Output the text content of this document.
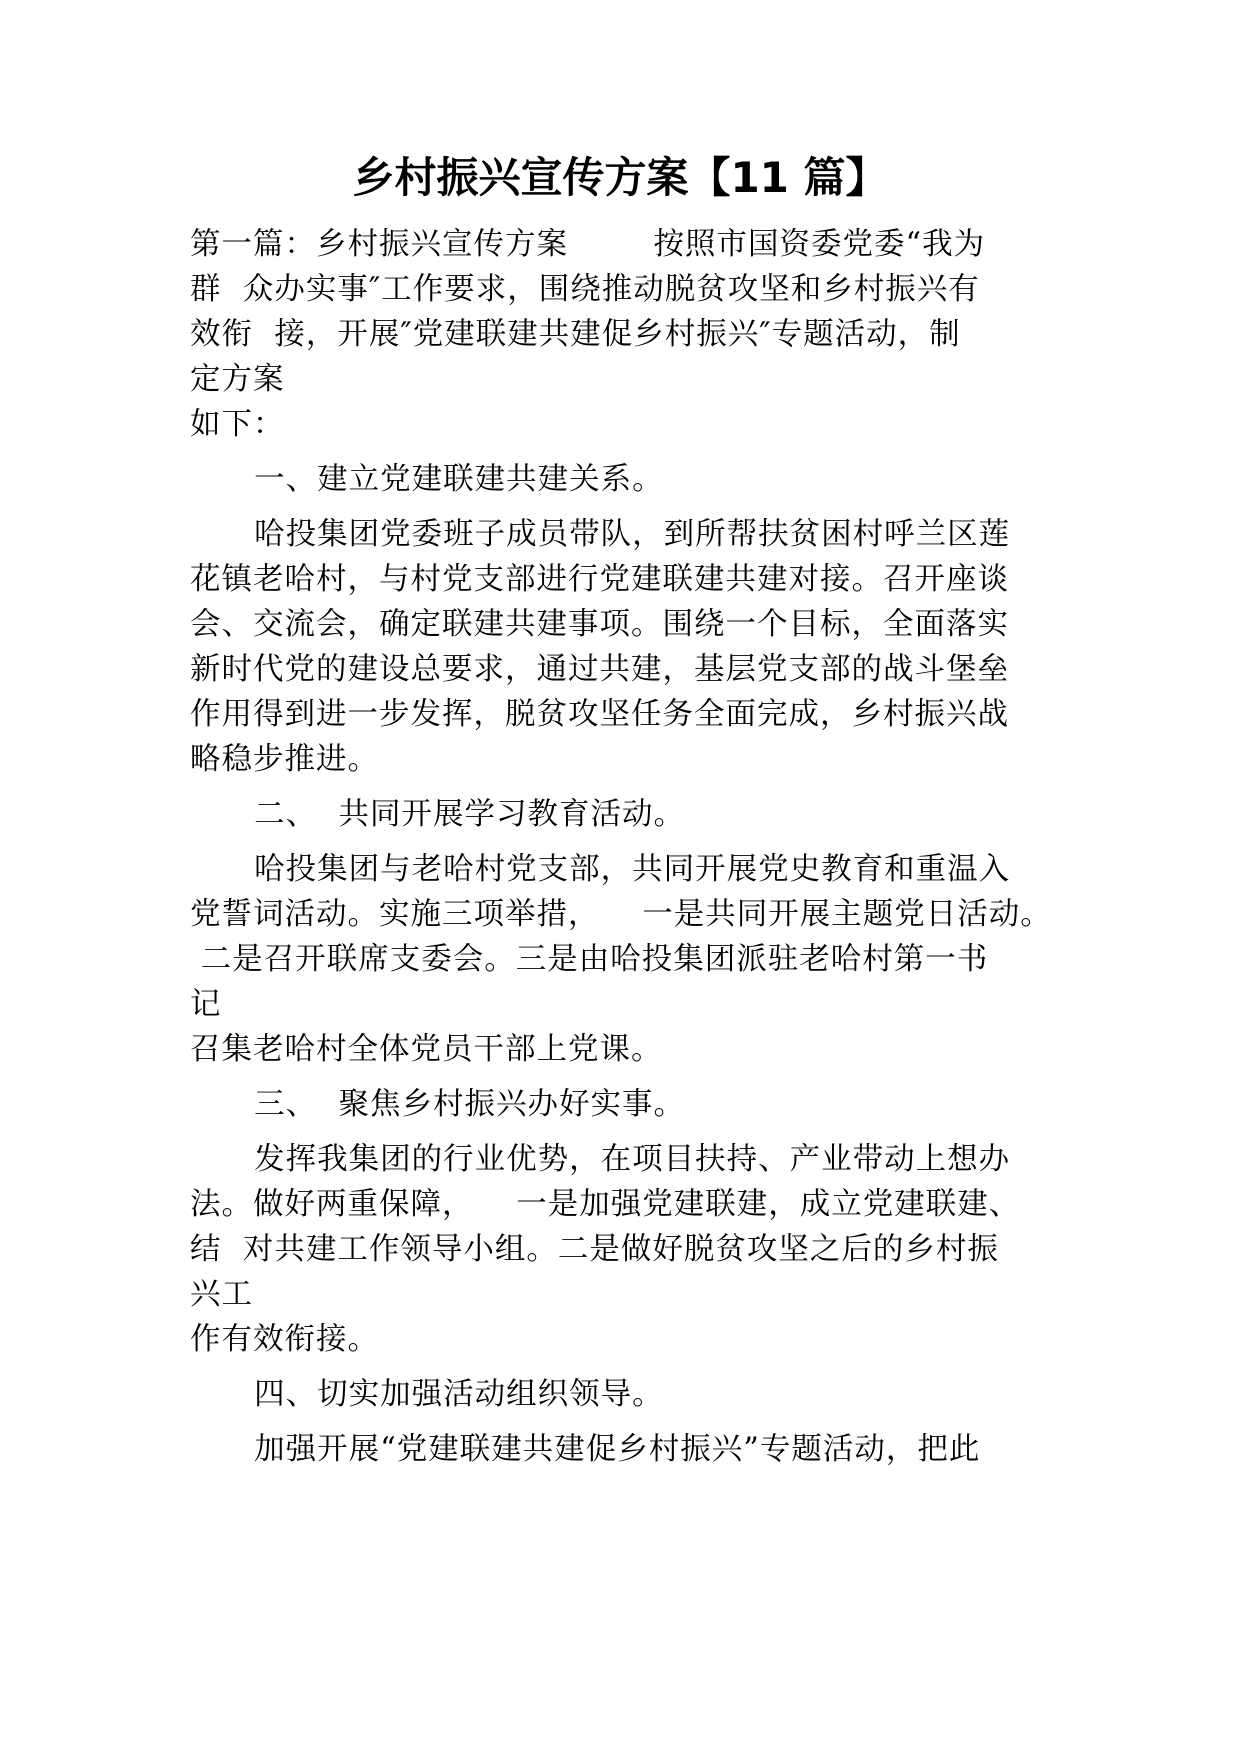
乡村振兴宣传方案【11 篇】

第一篇：乡村振兴宣传方案        按照市国资委党委“我为

群  众办实事″工作要求，围绕推动脱贫攻坚和乡村振兴有

效衔  接，开展″党建联建共建促乡村振兴″专题活动，制

定方案

如下：

一、建立党建联建共建关系。

哈投集团党委班子成员带队，到所帮扶贫困村呼兰区莲

花镇老哈村，与村党支部进行党建联建共建对接。召开座谈

会、交流会，确定联建共建事项。围绕一个目标，全面落实

新时代党的建设总要求，通过共建，基层党支部的战斗堡垒

作用得到进一步发挥，脱贫攻坚任务全面完成，乡村振兴战

略稳步推进。

二、  共同开展学习教育活动。

哈投集团与老哈村党支部，共同开展党史教育和重温入

党誓词活动。实施三项举措，    一是共同开展主题党日活动。

二是召开联席支委会。三是由哈投集团派驻老哈村第一书

记

召集老哈村全体党员干部上党课。

三、  聚焦乡村振兴办好实事。

发挥我集团的行业优势，在项目扶持、产业带动上想办

法。做好两重保障，    一是加强党建联建，成立党建联建、

结  对共建工作领导小组。二是做好脱贫攻坚之后的乡村振

兴工

作有效衔接。

四、切实加强活动组织领导。

加强开展“党建联建共建促乡村振兴”专题活动，把此
